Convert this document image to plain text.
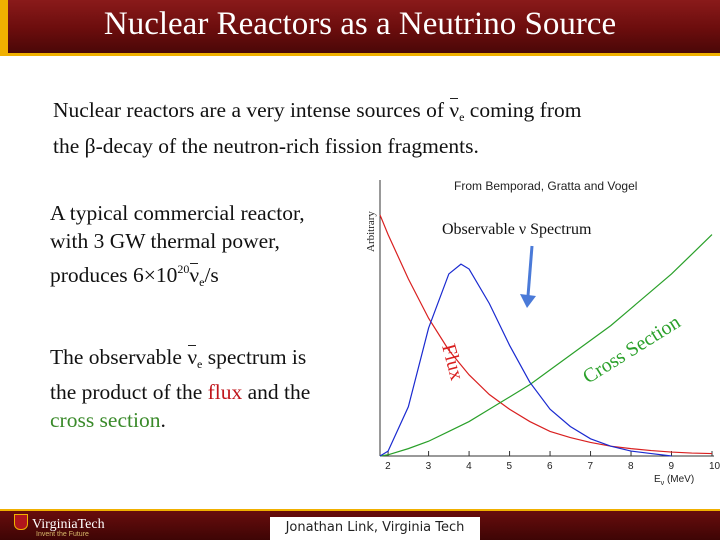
Nuclear Reactors as a Neutrino Source
Nuclear reactors are a very intense sources of $\nu_e$ coming from
the β-decay of the neutron-rich fission fragments.
A typical commercial reactor,
with 3 GW thermal power,
produces $6\times 10^{20}\nu_e/s$
The observable $\nu_e$ spectrum is
the product of the flux and the
cross section.
From Bemporad, Gratta and Vogel
Arbitrary
2	3	4	5	6	7	8	9	10
Observable ν Spectrum
Flux	Cross Section
$E_\nu$ (MeV)
VirginiaTech
Invent the Future	Jonathan Link, Virginia Tech
